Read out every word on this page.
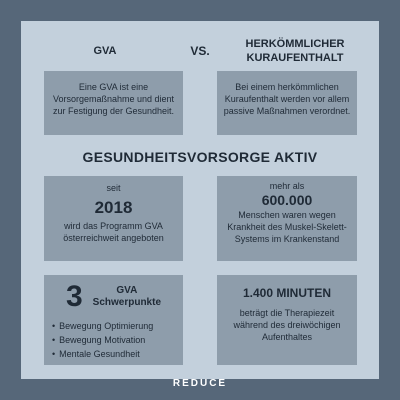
GVA	VS.	HERKÖMMLICHER
KURAUFENTHALT
Eine GVA ist eine Vorsorgemaßnahme und dient zur Festigung der Gesundheit.
Bei einem herkömmlichen Kuraufenthalt werden vor allem passive Maßnahmen verordnet.
GESUNDHEITSVORSORGE AKTIV
seit
2018
wird das Programm GVA österreichweit angeboten
mehr als
600.000
Menschen waren wegen Krankheit des Muskel-Skelett-Systems im Krankenstand
3	GVA
Schwerpunkte
• Bewegung Optimierung
• Bewegung Motivation
• Mentale Gesundheit
1.400 MINUTEN
beträgt die Therapiezeit während des dreiwöchigen Aufenthaltes
REDUCE
